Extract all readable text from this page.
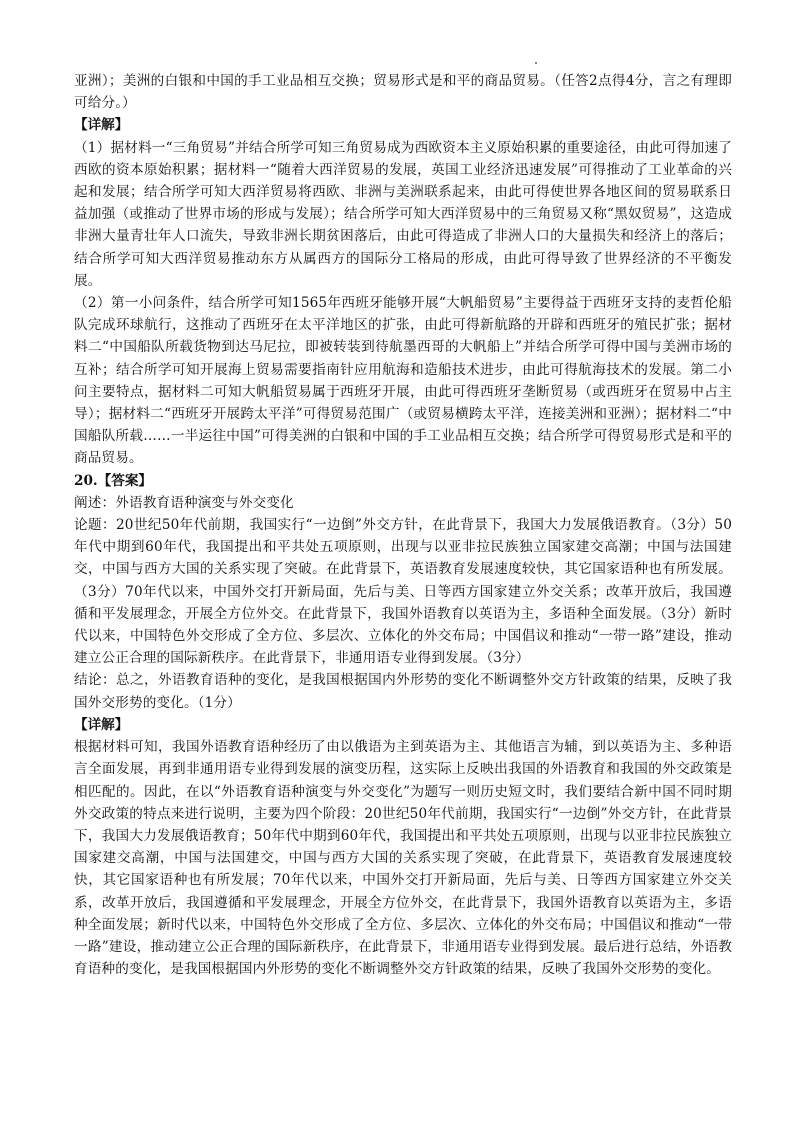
亚洲）；美洲的白银和中国的手工业品相互交换；贸易形式是和平的商品贸易。（任答2点得4分，言之有理即可给分。）

【详解】

（1）据材料一“三角贸易”并结合所学可知三角贸易成为西欧资本主义原始积累的重要途径，由此可得加速了西欧的资本原始积累；据材料一“随着大西洋贸易的发展，英国工业经济迅速发展”可得推动了工业革命的兴起和发展；结合所学可知大西洋贸易将西欧、非洲与美洲联系起来，由此可得使世界各地区间的贸易联系日益加强（或推动了世界市场的形成与发展）；结合所学可知大西洋贸易中的三角贸易又称“黑奴贸易”，这造成非洲大量青壮年人口流失，导致非洲长期贫困落后，由此可得造成了非洲人口的大量损失和经济上的落后；结合所学可知大西洋贸易推动东方从属西方的国际分工格局的形成，由此可得导致了世界经济的不平衡发展。

（2）第一小问条件，结合所学可知1565年西班牙能够开展“大帆船贸易”主要得益于西班牙支持的麦哲伦船队完成环球航行，这推动了西班牙在太平洋地区的扩张，由此可得新航路的开辟和西班牙的殖民扩张；据材料二“中国船队所载货物到达马尼拉，即被转装到待航墨西哥的大帆船上”并结合所学可得中国与美洲市场的互补；结合所学可知开展海上贸易需要指南针应用航海和造船技术进步，由此可得航海技术的发展。第二小问主要特点，据材料二可知大帆船贸易属于西班牙开展，由此可得西班牙垄断贸易（或西班牙在贸易中占主导）；据材料二“西班牙开展跨太平洋”可得贸易范围广（或贸易横跨太平洋，连接美洲和亚洲）；据材料二“中国船队所载……一半运往中国”可得美洲的白银和中国的手工业品相互交换；结合所学可得贸易形式是和平的商品贸易。

20.【答案】

阐述：外语教育语种演变与外交变化

论题：20世纪50年代前期，我国实行“一边倒”外交方针，在此背景下，我国大力发展俄语教育。（3分）50年代中期到60年代，我国提出和平共处五项原则，出现与以亚非拉民族独立国家建交高潮；中国与法国建交，中国与西方大国的关系实现了突破。在此背景下，英语教育发展速度较快，其它国家语种也有所发展。（3分）70年代以来，中国外交打开新局面，先后与美、日等西方国家建立外交关系；改革开放后，我国遵循和平发展理念，开展全方位外交。在此背景下，我国外语教育以英语为主，多语种全面发展。（3分）新时代以来，中国特色外交形成了全方位、多层次、立体化的外交布局；中国倡议和推动“一带一路”建设，推动建立公正合理的国际新秩序。在此背景下，非通用语专业得到发展。（3分）

结论：总之，外语教育语种的变化，是我国根据国内外形势的变化不断调整外交方针政策的结果，反映了我国外交形势的变化。（1分）

【详解】

根据材料可知，我国外语教育语种经历了由以俄语为主到英语为主、其他语言为辅，到以英语为主、多种语言全面发展，再到非通用语专业得到发展的演变历程，这实际上反映出我国的外语教育和我国的外交政策是相匹配的。因此，在以“外语教育语种演变与外交变化”为题写一则历史短文时，我们要结合新中国不同时期外交政策的特点来进行说明，主要为四个阶段：20世纪50年代前期，我国实行“一边倒”外交方针，在此背景下，我国大力发展俄语教育；50年代中期到60年代，我国提出和平共处五项原则，出现与以亚非拉民族独立国家建交高潮，中国与法国建交，中国与西方大国的关系实现了突破，在此背景下，英语教育发展速度较快，其它国家语种也有所发展；70年代以来，中国外交打开新局面，先后与美、日等西方国家建立外交关系，改革开放后，我国遵循和平发展理念，开展全方位外交，在此背景下，我国外语教育以英语为主，多语种全面发展；新时代以来，中国特色外交形成了全方位、多层次、立体化的外交布局；中国倡议和推动“一带一路”建设，推动建立公正合理的国际新秩序，在此背景下，非通用语专业得到发展。最后进行总结，外语教育语种的变化，是我国根据国内外形势的变化不断调整外交方针政策的结果，反映了我国外交形势的变化。
